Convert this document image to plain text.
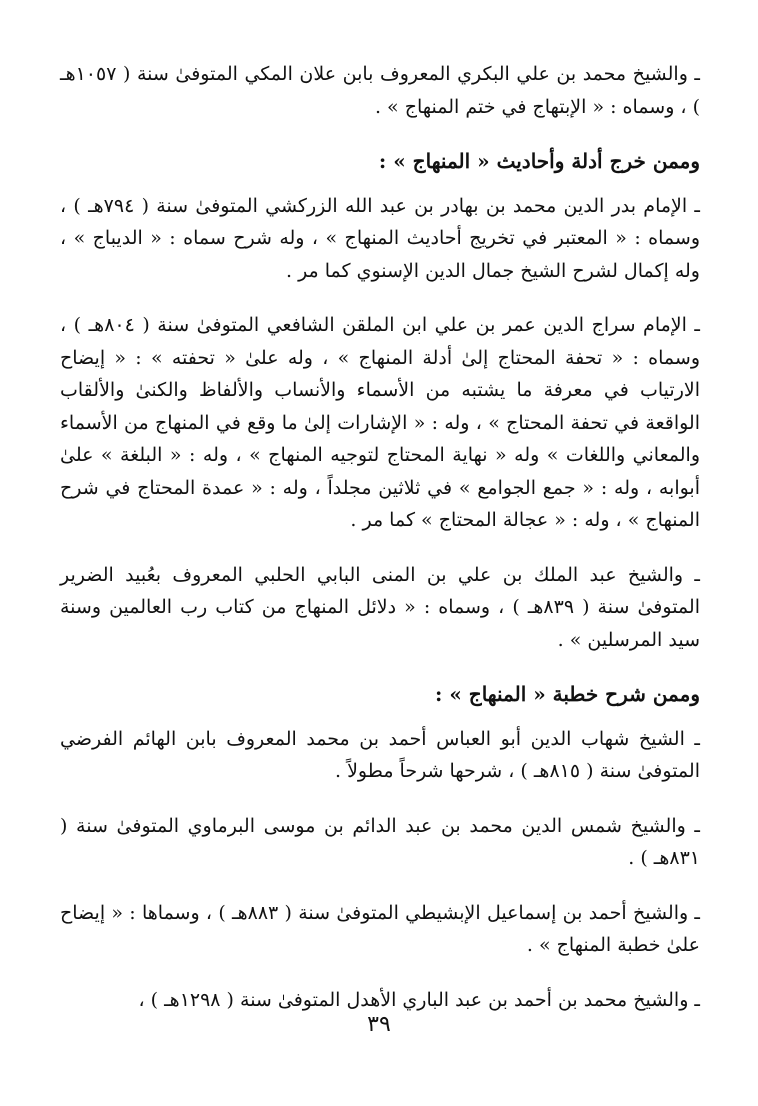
ـ والشيخ محمد بن علي البكري المعروف بابن علان المكي المتوفىٰ سنة ( ١٠٥٧هـ ) ، وسماه : « الإبتهاج في ختم المنهاج » .

وممن خرج أدلة وأحاديث « المنهاج » :

ـ الإمام بدر الدين محمد بن بهادر بن عبد الله الزركشي المتوفىٰ سنة ( ٧٩٤هـ ) ، وسماه : « المعتبر في تخريج أحاديث المنهاج » ، وله شرح سماه : « الديباج » ، وله إكمال لشرح الشيخ جمال الدين الإسنوي كما مر .

ـ الإمام سراج الدين عمر بن علي ابن الملقن الشافعي المتوفىٰ سنة ( ٨٠٤هـ ) ، وسماه : « تحفة المحتاج إلىٰ أدلة المنهاج » ، وله علىٰ « تحفته » : « إيضاح الارتياب في معرفة ما يشتبه من الأسماء والأنساب والألفاظ والكنىٰ والألقاب الواقعة في تحفة المحتاج » ، وله : « الإشارات إلىٰ ما وقع في المنهاج من الأسماء والمعاني واللغات » وله « نهاية المحتاج لتوجيه المنهاج » ، وله : « البلغة » علىٰ أبوابه ، وله : « جمع الجوامع » في ثلاثين مجلداً ، وله : « عمدة المحتاج في شرح المنهاج » ، وله : « عجالة المحتاج » كما مر .

ـ والشيخ عبد الملك بن علي بن المنى البابي الحلبي المعروف بعُبيد الضرير المتوفىٰ سنة ( ٨٣٩هـ ) ، وسماه : « دلائل المنهاج من كتاب رب العالمين وسنة سيد المرسلين » .

وممن شرح خطبة « المنهاج » :

ـ الشيخ شهاب الدين أبو العباس أحمد بن محمد المعروف بابن الهائم الفرضي المتوفىٰ سنة ( ٨١٥هـ ) ، شرحها شرحاً مطولاً .

ـ والشيخ شمس الدين محمد بن عبد الدائم بن موسى البرماوي المتوفىٰ سنة ( ٨٣١هـ ) .

ـ والشيخ أحمد بن إسماعيل الإبشيطي المتوفىٰ سنة ( ٨٨٣هـ ) ، وسماها : « إيضاح علىٰ خطبة المنهاج » .

ـ والشيخ محمد بن أحمد بن عبد الباري الأهدل المتوفىٰ سنة ( ١٢٩٨هـ ) ،

٣٩
